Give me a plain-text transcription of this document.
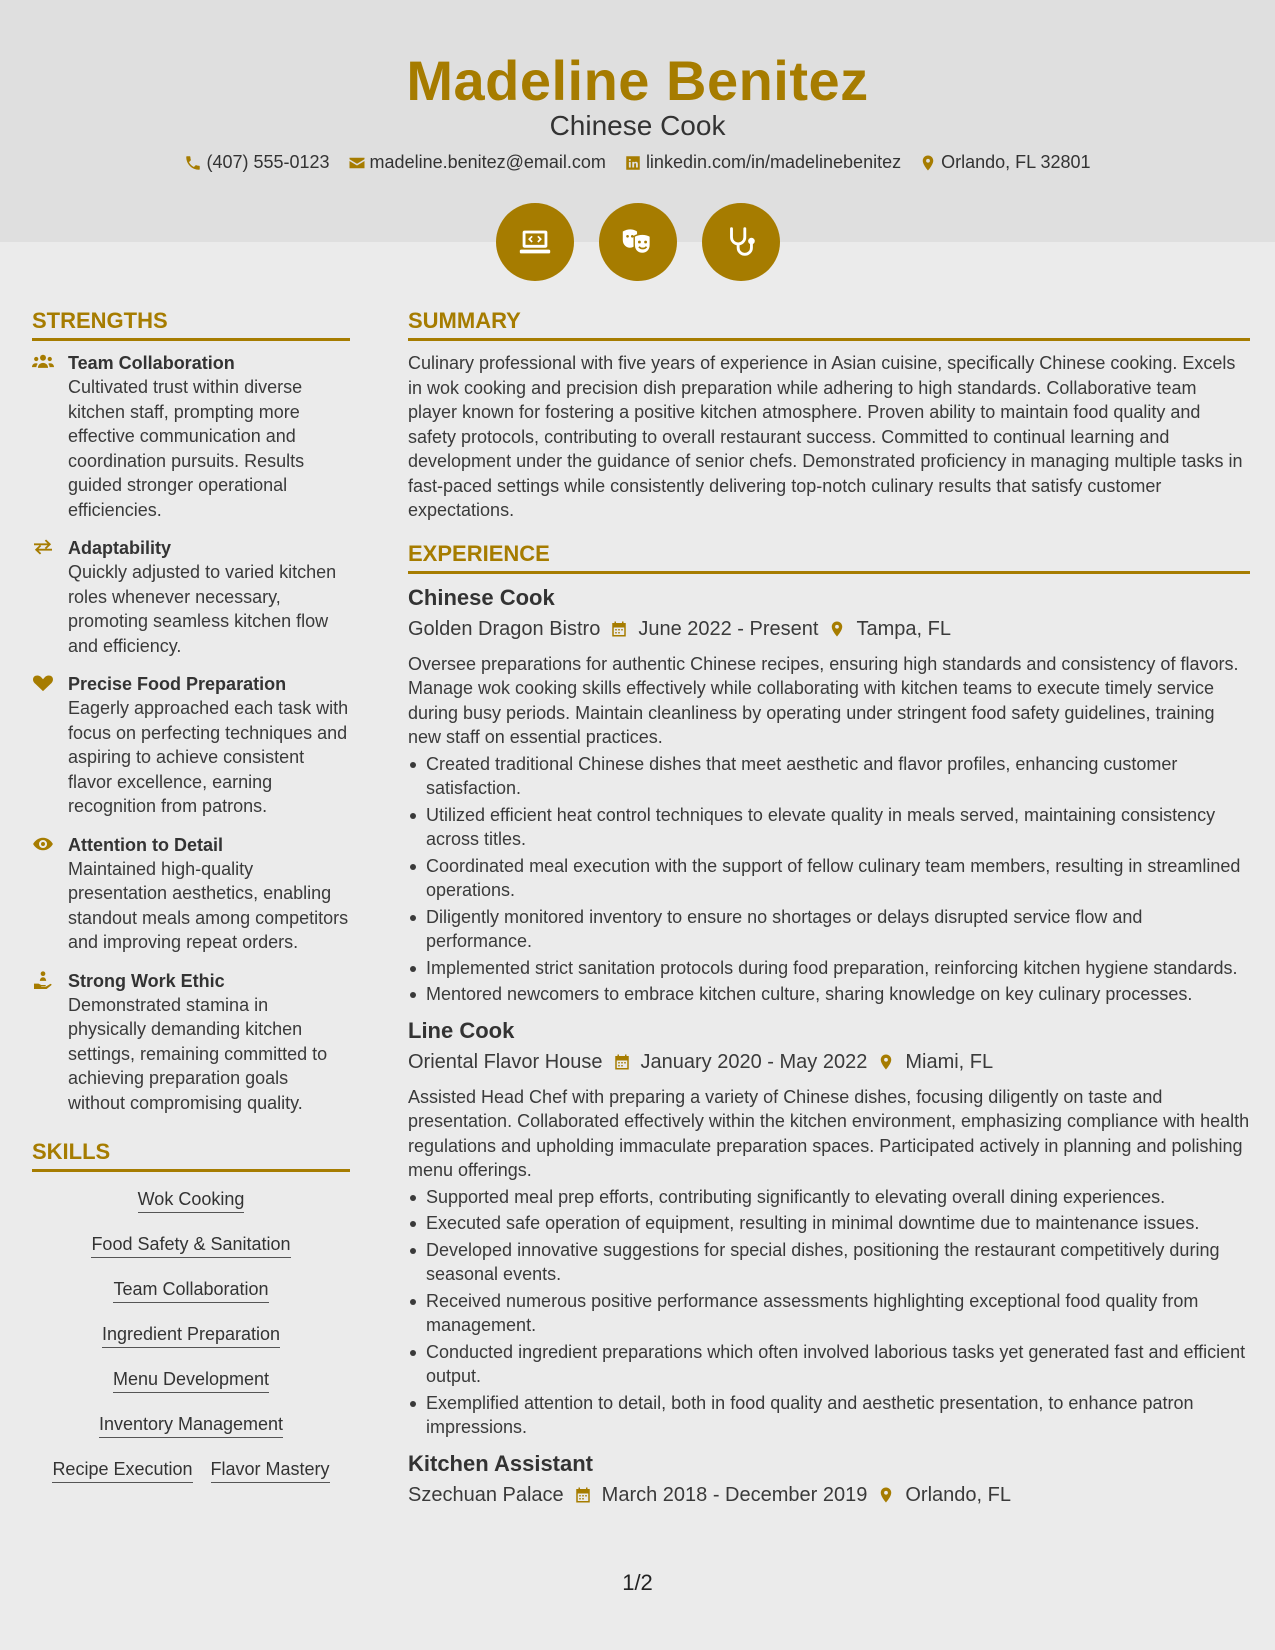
Madeline Benitez
Chinese Cook
(407) 555-0123 madeline.benitez@email.com linkedin.com/in/madelinebenitez Orlando, FL 32801
STRENGTHS
Team Collaboration
Cultivated trust within diverse kitchen staff, prompting more effective communication and coordination pursuits. Results guided stronger operational efficiencies.
Adaptability
Quickly adjusted to varied kitchen roles whenever necessary, promoting seamless kitchen flow and efficiency.
Precise Food Preparation
Eagerly approached each task with focus on perfecting techniques and aspiring to achieve consistent flavor excellence, earning recognition from patrons.
Attention to Detail
Maintained high-quality presentation aesthetics, enabling standout meals among competitors and improving repeat orders.
Strong Work Ethic
Demonstrated stamina in physically demanding kitchen settings, remaining committed to achieving preparation goals without compromising quality.
SKILLS
Wok Cooking
Food Safety & Sanitation
Team Collaboration
Ingredient Preparation
Menu Development
Inventory Management
Recipe Execution Flavor Mastery
SUMMARY
Culinary professional with five years of experience in Asian cuisine, specifically Chinese cooking. Excels in wok cooking and precision dish preparation while adhering to high standards. Collaborative team player known for fostering a positive kitchen atmosphere. Proven ability to maintain food quality and safety protocols, contributing to overall restaurant success. Committed to continual learning and development under the guidance of senior chefs. Demonstrated proficiency in managing multiple tasks in fast-paced settings while consistently delivering top-notch culinary results that satisfy customer expectations.
EXPERIENCE
Chinese Cook
Golden Dragon Bistro June 2022 - Present Tampa, FL
Oversee preparations for authentic Chinese recipes, ensuring high standards and consistency of flavors. Manage wok cooking skills effectively while collaborating with kitchen teams to execute timely service during busy periods. Maintain cleanliness by operating under stringent food safety guidelines, training new staff on essential practices.
Created traditional Chinese dishes that meet aesthetic and flavor profiles, enhancing customer satisfaction.
Utilized efficient heat control techniques to elevate quality in meals served, maintaining consistency across titles.
Coordinated meal execution with the support of fellow culinary team members, resulting in streamlined operations.
Diligently monitored inventory to ensure no shortages or delays disrupted service flow and performance.
Implemented strict sanitation protocols during food preparation, reinforcing kitchen hygiene standards.
Mentored newcomers to embrace kitchen culture, sharing knowledge on key culinary processes.
Line Cook
Oriental Flavor House January 2020 - May 2022 Miami, FL
Assisted Head Chef with preparing a variety of Chinese dishes, focusing diligently on taste and presentation. Collaborated effectively within the kitchen environment, emphasizing compliance with health regulations and upholding immaculate preparation spaces. Participated actively in planning and polishing menu offerings.
Supported meal prep efforts, contributing significantly to elevating overall dining experiences.
Executed safe operation of equipment, resulting in minimal downtime due to maintenance issues.
Developed innovative suggestions for special dishes, positioning the restaurant competitively during seasonal events.
Received numerous positive performance assessments highlighting exceptional food quality from management.
Conducted ingredient preparations which often involved laborious tasks yet generated fast and efficient output.
Exemplified attention to detail, both in food quality and aesthetic presentation, to enhance patron impressions.
Kitchen Assistant
Szechuan Palace March 2018 - December 2019 Orlando, FL
1/2
